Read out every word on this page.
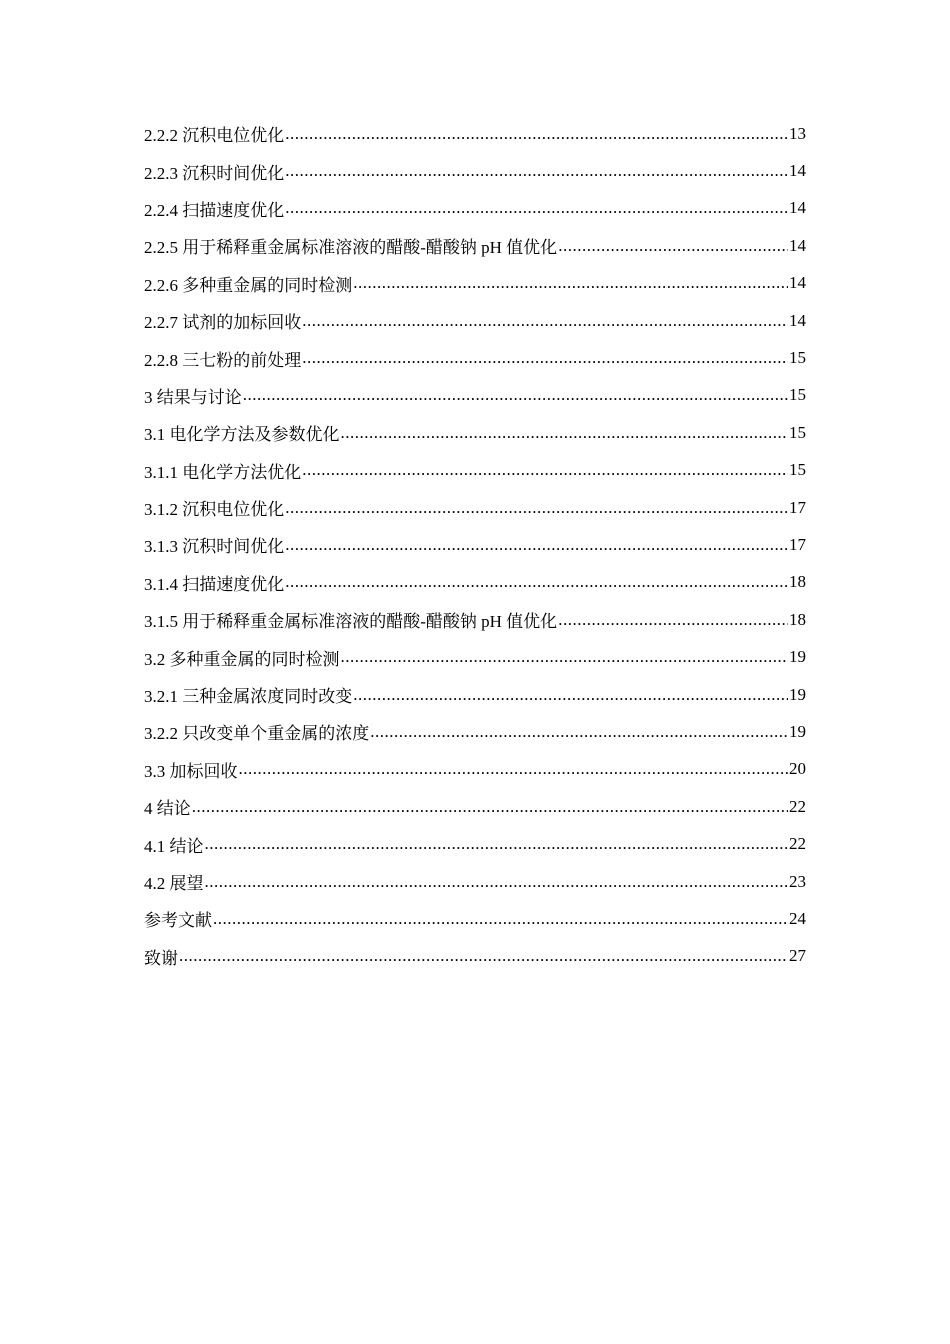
2.2.2 沉积电位优化 .....	13
2.2.3 沉积时间优化 .....	14
2.2.4 扫描速度优化 .....	14
2.2.5 用于稀释重金属标准溶液的醋酸-醋酸钠 pH 值优化 .....	14
2.2.6 多种重金属的同时检测 .....	14
2.2.7 试剂的加标回收 .....	14
2.2.8 三七粉的前处理 .....	15
3 结果与讨论 .....	15
3.1 电化学方法及参数优化 .....	15
3.1.1 电化学方法优化 .....	15
3.1.2 沉积电位优化 .....	17
3.1.3 沉积时间优化 .....	17
3.1.4 扫描速度优化 .....	18
3.1.5 用于稀释重金属标准溶液的醋酸-醋酸钠 pH 值优化 .....	18
3.2 多种重金属的同时检测 .....	19
3.2.1 三种金属浓度同时改变 .....	19
3.2.2 只改变单个重金属的浓度 .....	19
3.3 加标回收 .....	20
4 结论 .....	22
4.1 结论 .....	22
4.2 展望 .....	23
参考文献 .....	24
致谢 .....	27
